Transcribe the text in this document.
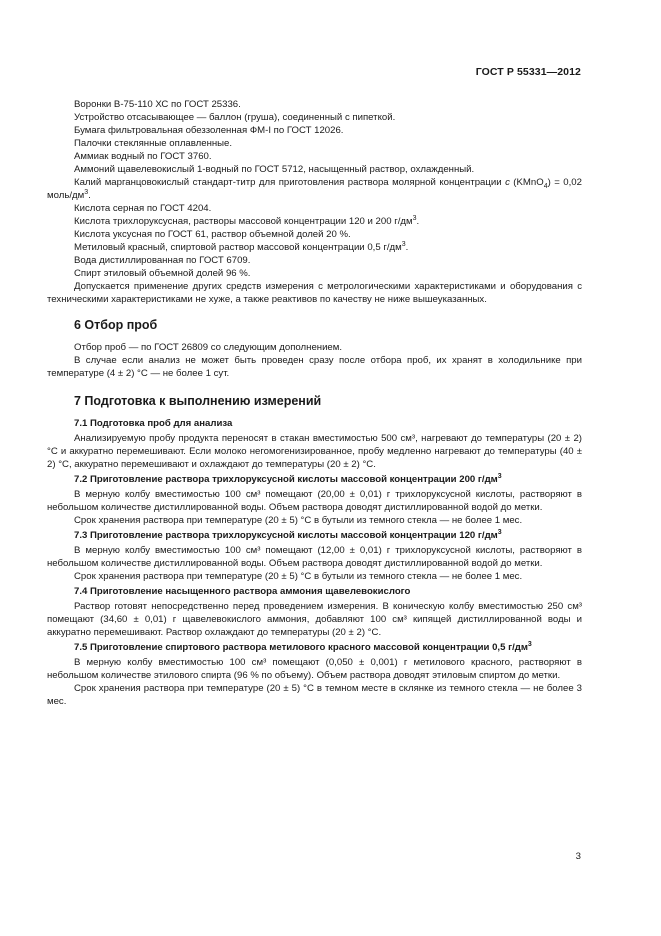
ГОСТ Р 55331—2012

Воронки В-75-110 ХС по ГОСТ 25336.

Устройство отсасывающее — баллон (груша), соединенный с пипеткой.

Бумага фильтровальная обеззоленная ФМ-I по ГОСТ 12026.

Палочки стеклянные оплавленные.

Аммиак водный по ГОСТ 3760.

Аммоний щавелевокислый 1-водный по ГОСТ 5712, насыщенный раствор, охлажденный.

Калий марганцовокислый стандарт-титр для приготовления раствора молярной концентрации с (KMnO$_4$) = 0,02 моль/$дм^3$.

Кислота серная по ГОСТ 4204.

Кислота трихлоруксусная, растворы массовой концентрации 120 и 200 $г/дм^3$.

Кислота уксусная по ГОСТ 61, раствор объемной долей 20 %.

Метиловый красный, спиртовой раствор массовой концентрации 0,5 $г/дм^3$.

Вода дистиллированная по ГОСТ 6709.

Спирт этиловый объемной долей 96 %.

Допускается применение других средств измерения с метрологическими характеристиками и оборудования с техническими характеристиками не хуже, а также реактивов по качеству не ниже вышеуказанных.

6 Отбор проб

Отбор проб — по ГОСТ 26809 со следующим дополнением.

В случае если анализ не может быть проведен сразу после отбора проб, их хранят в холодильнике при температуре (4 ± 2) °С — не более 1 сут.

7 Подготовка к выполнению измерений
7.1 Подготовка проб для анализа

Анализируемую пробу продукта переносят в стакан вместимостью 500 см³, нагревают до температуры (20 ± 2) °С и аккуратно перемешивают. Если молоко негомогенизированное, пробу медленно нагревают до температуры (40 ± 2) °С, аккуратно перемешивают и охлаждают до температуры (20 ± 2) °С.

7.2 Приготовление раствора трихлоруксусной кислоты массовой концентрации 200 $г/дм^3$

В мерную колбу вместимостью 100 см³ помещают (20,00 ± 0,01) г трихлоруксусной кислоты, растворяют в небольшом количестве дистиллированной воды. Объем раствора доводят дистиллированной водой до метки.

Срок хранения раствора при температуре (20 ± 5) °С в бутыли из темного стекла — не более 1 мес.

7.3 Приготовление раствора трихлоруксусной кислоты массовой концентрации 120 $г/дм^3$

В мерную колбу вместимостью 100 см³ помещают (12,00 ± 0,01) г трихлоруксусной кислоты, растворяют в небольшом количестве дистиллированной воды. Объем раствора доводят дистиллированной водой до метки.

Срок хранения раствора при температуре (20 ± 5) °С в бутыли из темного стекла — не более 1 мес.

7.4 Приготовление насыщенного раствора аммония щавелевокислого

Раствор готовят непосредственно перед проведением измерения. В коническую колбу вместимостью 250 см³ помещают (34,60 ± 0,01) г щавелевокислого аммония, добавляют 100 см³ кипящей дистиллированной воды и аккуратно перемешивают. Раствор охлаждают до температуры (20 ± 2) °С.

7.5 Приготовление спиртового раствора метилового красного массовой концентрации 0,5 $г/дм^3$

В мерную колбу вместимостью 100 см³ помещают (0,050 ± 0,001) г метилового красного, растворяют в небольшом количестве этилового спирта (96 % по объему). Объем раствора доводят этиловым спиртом до метки.

Срок хранения раствора при температуре (20 ± 5) °С в темном месте в склянке из темного стекла — не более 3 мес.

3
